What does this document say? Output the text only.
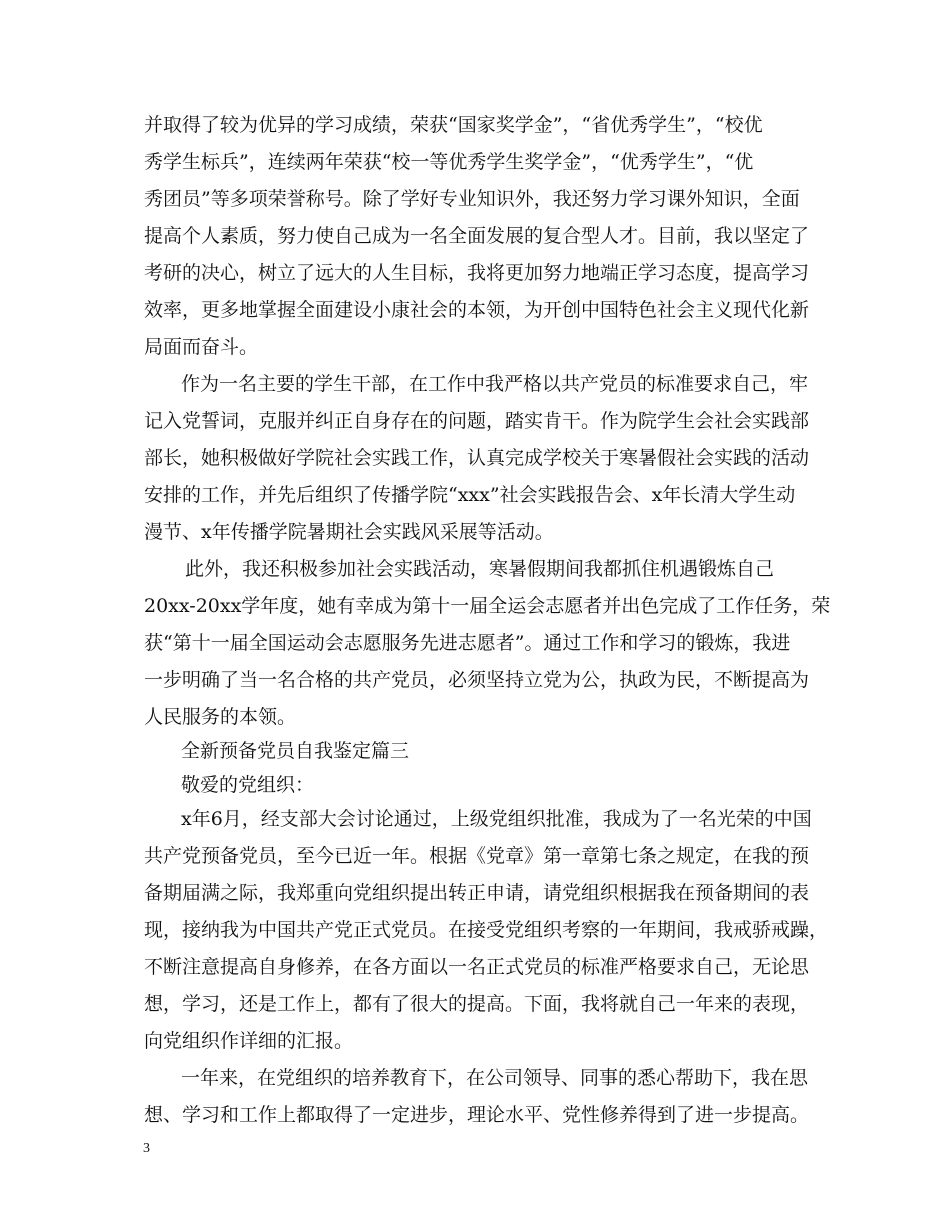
并取得了较为优异的学习成绩，荣获“国家奖学金”，“省优秀学生”，“校优
秀学生标兵”，连续两年荣获“校一等优秀学生奖学金”，“优秀学生”，“优
秀团员”等多项荣誉称号。除了学好专业知识外，我还努力学习课外知识，全面
提高个人素质，努力使自己成为一名全面发展的复合型人才。目前，我以坚定了
考研的决心，树立了远大的人生目标，我将更加努力地端正学习态度，提高学习
效率，更多地掌握全面建设小康社会的本领，为开创中国特色社会主义现代化新
局面而奋斗。
作为一名主要的学生干部，在工作中我严格以共产党员的标准要求自己，牢
记入党誓词，克服并纠正自身存在的问题，踏实肯干。作为院学生会社会实践部
部长，她积极做好学院社会实践工作，认真完成学校关于寒暑假社会实践的活动
安排的工作，并先后组织了传播学院“xxx”社会实践报告会、x年长清大学生动
漫节、x年传播学院暑期社会实践风采展等活动。
此外，我还积极参加社会实践活动，寒暑假期间我都抓住机遇锻炼自己
20xx-20xx学年度，她有幸成为第十一届全运会志愿者并出色完成了工作任务，荣
获“第十一届全国运动会志愿服务先进志愿者”。通过工作和学习的锻炼，我进
一步明确了当一名合格的共产党员，必须坚持立党为公，执政为民，不断提高为
人民服务的本领。
全新预备党员自我鉴定篇三
敬爱的党组织：
x年6月，经支部大会讨论通过，上级党组织批准，我成为了一名光荣的中国
共产党预备党员，至今已近一年。根据《党章》第一章第七条之规定，在我的预
备期届满之际，我郑重向党组织提出转正申请，请党组织根据我在预备期间的表
现，接纳我为中国共产党正式党员。在接受党组织考察的一年期间，我戒骄戒躁，
不断注意提高自身修养，在各方面以一名正式党员的标准严格要求自己，无论思
想，学习，还是工作上，都有了很大的提高。下面，我将就自己一年来的表现，
向党组织作详细的汇报。
一年来，在党组织的培养教育下，在公司领导、同事的悉心帮助下，我在思
想、学习和工作上都取得了一定进步，理论水平、党性修养得到了进一步提高。
3
